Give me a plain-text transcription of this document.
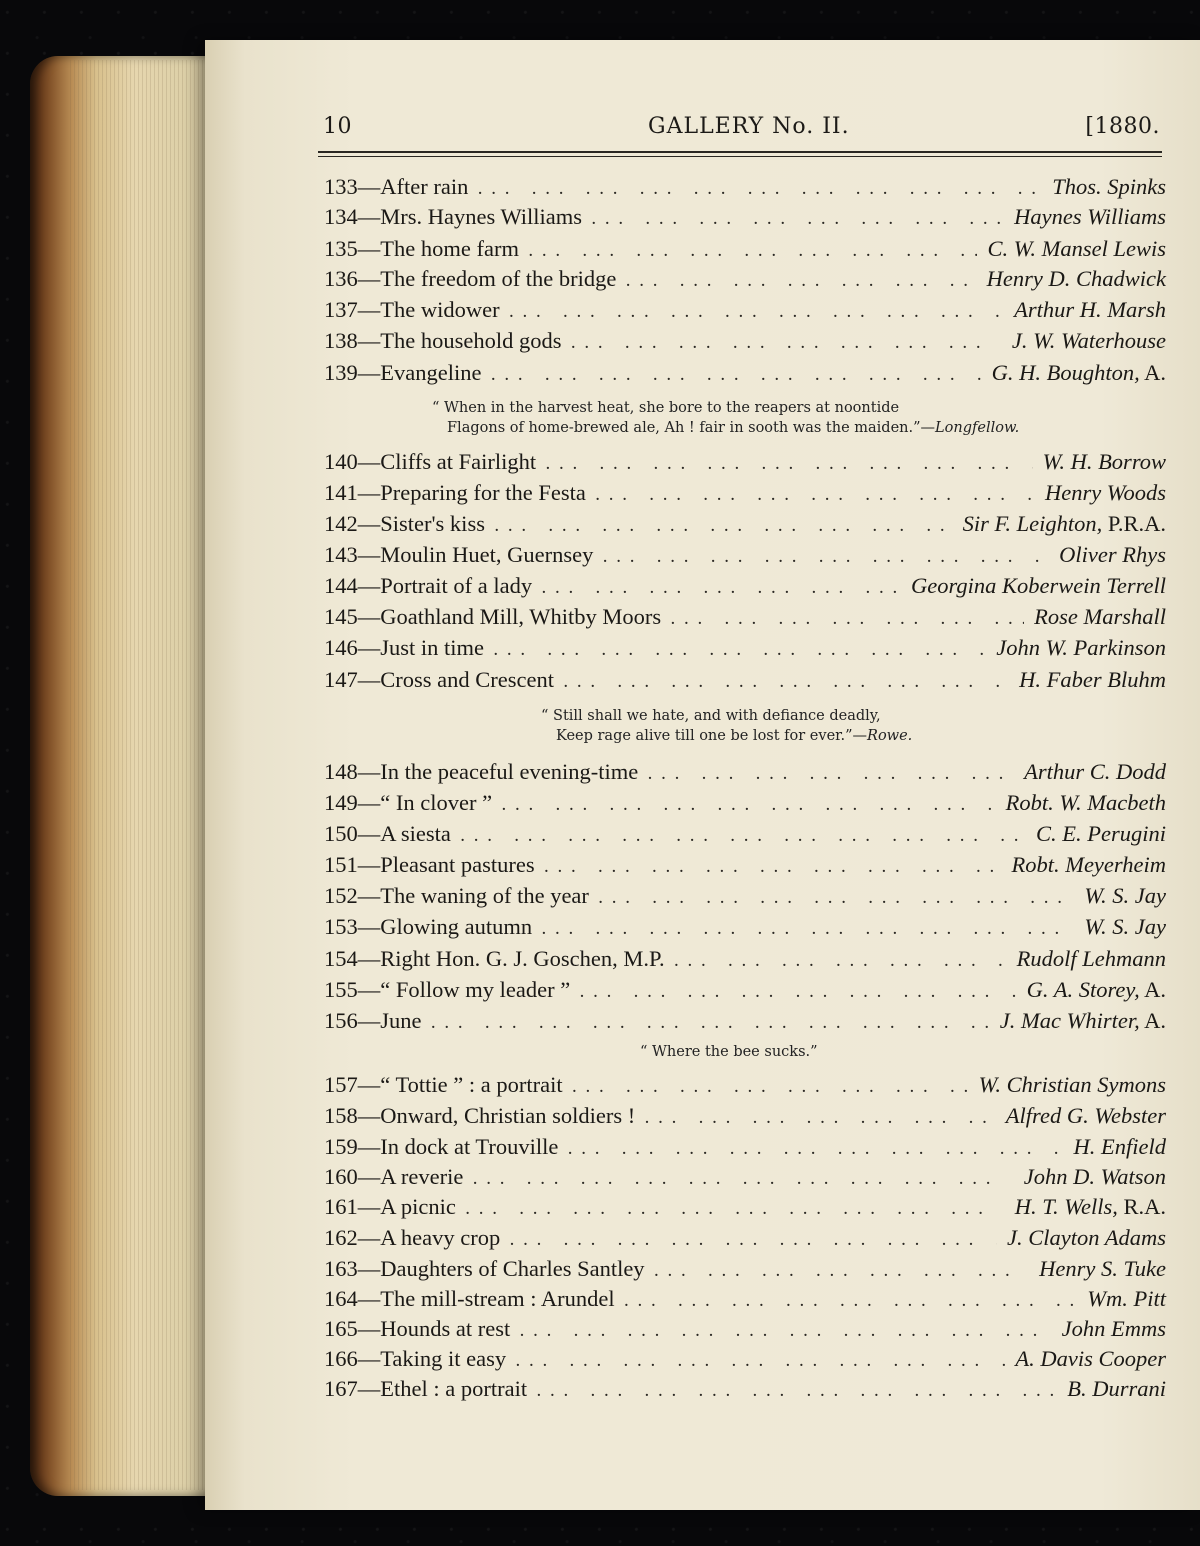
10	GALLERY No. II.	[1880.
133 — After rain ... .	Thos. Spinks
134 — Mrs. Haynes Williams ... .	Haynes Williams
135 — The home farm ... .	C. W. Mansel Lewis
136 — The freedom of the bridge ... .	Henry D. Chadwick
137 — The widower ... .	Arthur H. Marsh
138 — The household gods ... .	J. W. Waterhouse
139 — Evangeline ... .	G. H. Boughton, A.
140 — Cliffs at Fairlight ... .	W. H. Borrow
141 — Preparing for the Festa ... .	Henry Woods
142 — Sister's kiss ... .	Sir F. Leighton, P.R.A.
143 — Moulin Huet, Guernsey ... .	Oliver Rhys
144 — Portrait of a lady ... .	Georgina Koberwein Terrell
145 — Goathland Mill, Whitby Moors ... .	Rose Marshall
146 — Just in time ... .	John W. Parkinson
147 — Cross and Crescent ... .	H. Faber Bluhm
148 — In the peaceful evening-time ... .	Arthur C. Dodd
149 — “ In clover ” ... .	Robt. W. Macbeth
150 — A siesta ... .	C. E. Perugini
151 — Pleasant pastures ... .	Robt. Meyerheim
152 — The waning of the year ... .	W. S. Jay
153 — Glowing autumn ... .	W. S. Jay
154 — Right Hon. G. J. Goschen, M.P. ... .	Rudolf Lehmann
155 — “ Follow my leader ” ... .	G. A. Storey, A.
156 — June ... .	J. Mac Whirter, A.
157 — “ Tottie ” : a portrait ... .	W. Christian Symons
158 — Onward, Christian soldiers ! ... .	Alfred G. Webster
159 — In dock at Trouville ... .	H. Enfield
160 — A reverie ... .	John D. Watson
161 — A picnic ... .	H. T. Wells, R.A.
162 — A heavy crop ... .	J. Clayton Adams
163 — Daughters of Charles Santley ... .	Henry S. Tuke
164 — The mill-stream : Arundel ... .	Wm. Pitt
165 — Hounds at rest ... .	John Emms
166 — Taking it easy ... .	A. Davis Cooper
167 — Ethel : a portrait ... .	B. Durrani
“ When in the harvest heat, she bore to the reapers at noontide
Flagons of home-brewed ale, Ah ! fair in sooth was the maiden.”—Longfellow.
“ Still shall we hate, and with defiance deadly,
Keep rage alive till one be lost for ever.”—Rowe.
“ Where the bee sucks.”
